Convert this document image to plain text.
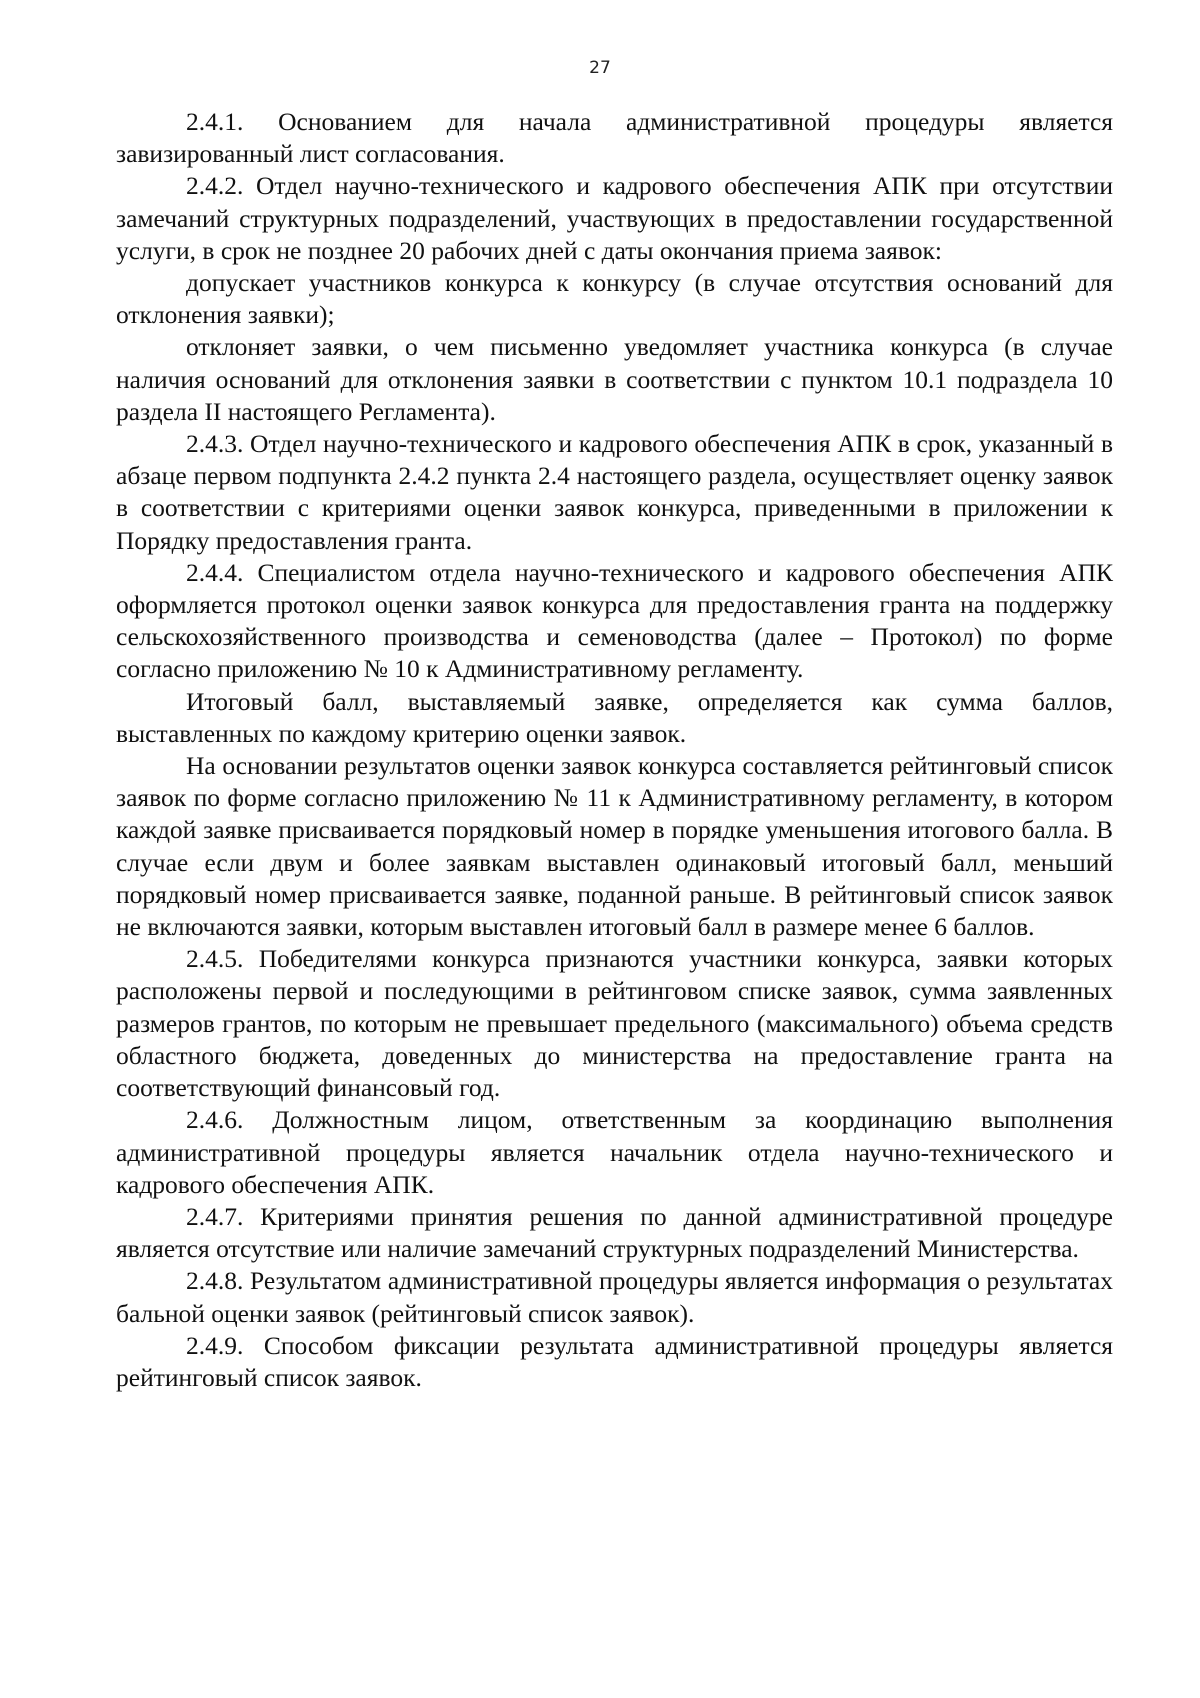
27

2.4.1. Основанием для начала административной процедуры является завизированный лист согласования.

2.4.2. Отдел научно-технического и кадрового обеспечения АПК при отсутствии замечаний структурных подразделений, участвующих в предоставлении государственной услуги, в срок не позднее 20 рабочих дней с даты окончания приема заявок:

допускает участников конкурса к конкурсу (в случае отсутствия оснований для отклонения заявки);

отклоняет заявки, о чем письменно уведомляет участника конкурса (в случае наличия оснований для отклонения заявки в соответствии с пунктом 10.1 подраздела 10 раздела II настоящего Регламента).

2.4.3. Отдел научно-технического и кадрового обеспечения АПК в срок, указанный в абзаце первом подпункта 2.4.2 пункта 2.4 настоящего раздела, осуществляет оценку заявок в соответствии с критериями оценки заявок конкурса, приведенными в приложении к Порядку предоставления гранта.

2.4.4. Специалистом отдела научно-технического и кадрового обеспечения АПК оформляется протокол оценки заявок конкурса для предоставления гранта на поддержку сельскохозяйственного производства и семеноводства (далее – Протокол) по форме согласно приложению № 10 к Административному регламенту.

Итоговый балл, выставляемый заявке, определяется как сумма баллов, выставленных по каждому критерию оценки заявок.

На основании результатов оценки заявок конкурса составляется рейтинговый список заявок по форме согласно приложению № 11 к Административному регламенту, в котором каждой заявке присваивается порядковый номер в порядке уменьшения итогового балла. В случае если двум и более заявкам выставлен одинаковый итоговый балл, меньший порядковый номер присваивается заявке, поданной раньше. В рейтинговый список заявок не включаются заявки, которым выставлен итоговый балл в размере менее 6 баллов.

2.4.5. Победителями конкурса признаются участники конкурса, заявки которых расположены первой и последующими в рейтинговом списке заявок, сумма заявленных размеров грантов, по которым не превышает предельного (максимального) объема средств областного бюджета, доведенных до министерства на предоставление гранта на соответствующий финансовый год.

2.4.6. Должностным лицом, ответственным за координацию выполнения административной процедуры является начальник отдела научно-технического и кадрового обеспечения АПК.

2.4.7. Критериями принятия решения по данной административной процедуре является отсутствие или наличие замечаний структурных подразделений Министерства.

2.4.8. Результатом административной процедуры является информация о результатах бальной оценки заявок (рейтинговый список заявок).

2.4.9. Способом фиксации результата административной процедуры является рейтинговый список заявок.
